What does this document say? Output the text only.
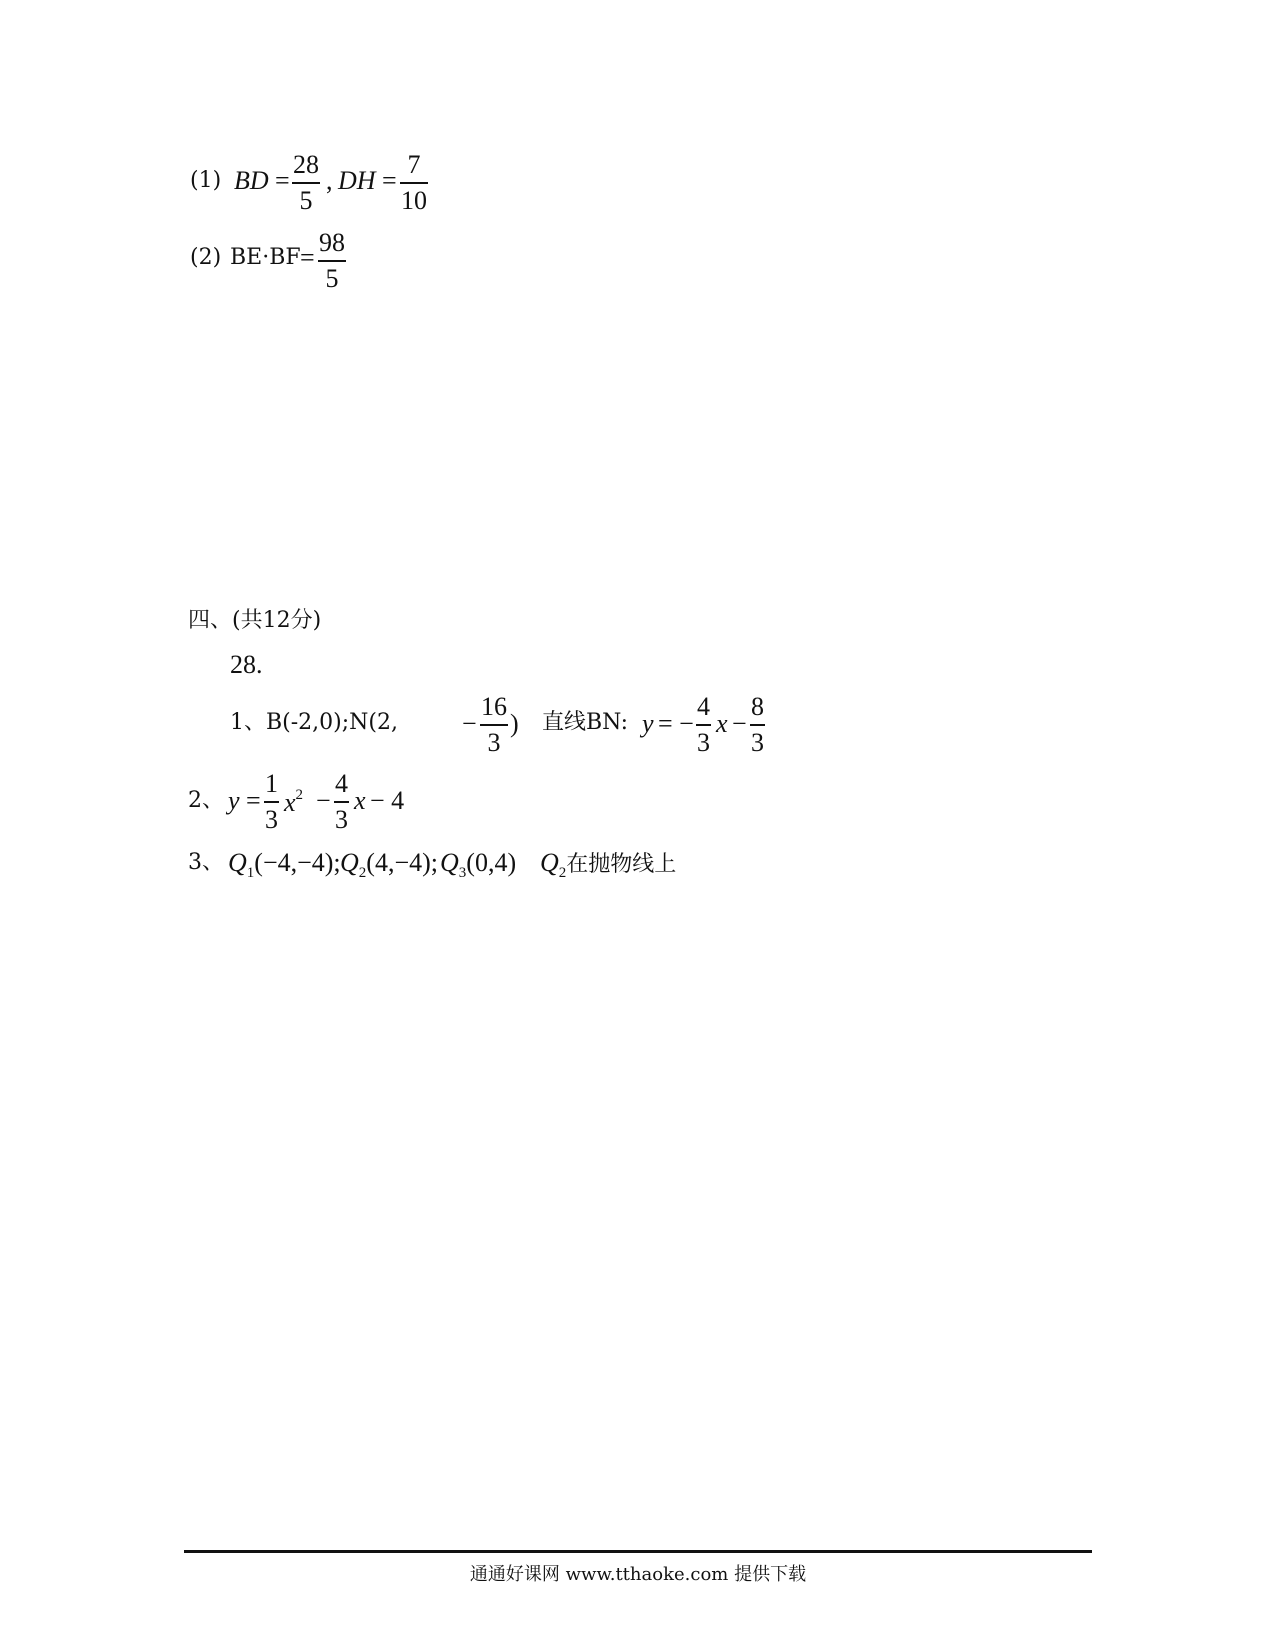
(1) BD =
28
5
, DH =
7
10
(2) BE·BF =
98
5
四、(共12分)
28.
1、B(-2,0);N(2, −
16
3
) 直线BN: y = −
4
3
x −
8
3
2、 y =
1
3
$x^2$ −
4
3
x − 4
3、 $Q_1(-4,-4)$; $Q_2(4,-4)$; $Q_3(0,4)$ $Q_2$在抛物线上
通通好课网 www.tthaoke.com 提供下载
